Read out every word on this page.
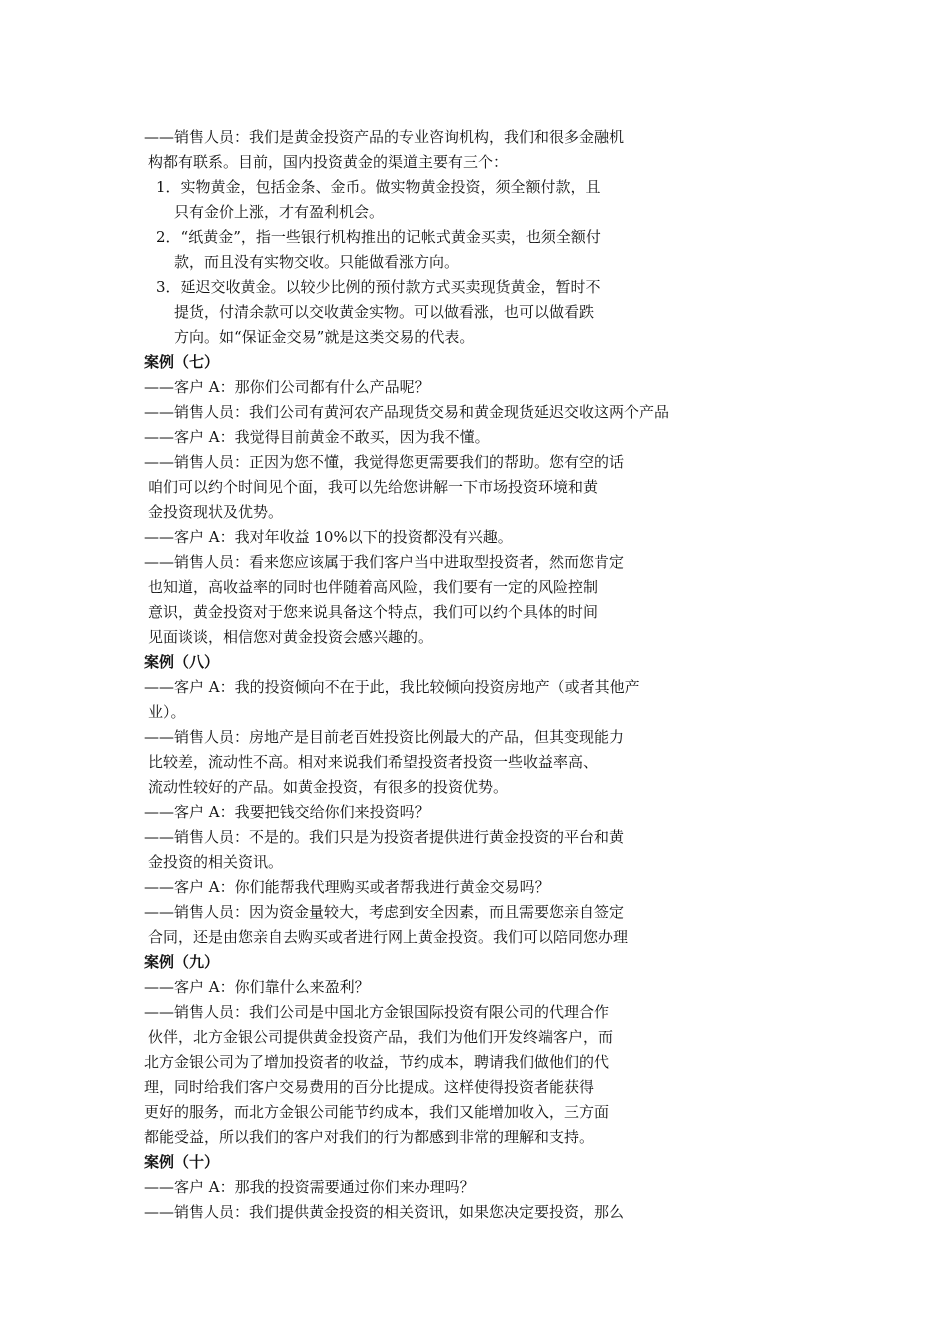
——销售人员：我们是黄金投资产品的专业咨询机构，我们和很多金融机
构都有联系。目前，国内投资黄金的渠道主要有三个：
1．实物黄金，包括金条、金币。做实物黄金投资，须全额付款，且
只有金价上涨，才有盈利机会。
2．“纸黄金”，指一些银行机构推出的记帐式黄金买卖，也须全额付
款，而且没有实物交收。只能做看涨方向。
3．延迟交收黄金。以较少比例的预付款方式买卖现货黄金，暂时不
提货，付清余款可以交收黄金实物。可以做看涨，也可以做看跌
方向。如“保证金交易”就是这类交易的代表。
案例（七）
——客户 A：那你们公司都有什么产品呢？
——销售人员：我们公司有黄河农产品现货交易和黄金现货延迟交收这两个产品
——客户 A：我觉得目前黄金不敢买，因为我不懂。
——销售人员：正因为您不懂，我觉得您更需要我们的帮助。您有空的话
咱们可以约个时间见个面，我可以先给您讲解一下市场投资环境和黄
金投资现状及优势。
——客户 A：我对年收益 10%以下的投资都没有兴趣。
——销售人员：看来您应该属于我们客户当中进取型投资者，然而您肯定
也知道，高收益率的同时也伴随着高风险，我们要有一定的风险控制
意识，黄金投资对于您来说具备这个特点，我们可以约个具体的时间
见面谈谈，相信您对黄金投资会感兴趣的。
案例（八）
——客户 A：我的投资倾向不在于此，我比较倾向投资房地产（或者其他产
业）。
——销售人员：房地产是目前老百姓投资比例最大的产品，但其变现能力
比较差，流动性不高。相对来说我们希望投资者投资一些收益率高、
流动性较好的产品。如黄金投资，有很多的投资优势。
——客户 A：我要把钱交给你们来投资吗？
——销售人员：不是的。我们只是为投资者提供进行黄金投资的平台和黄
金投资的相关资讯。
——客户 A：你们能帮我代理购买或者帮我进行黄金交易吗？
——销售人员：因为资金量较大，考虑到安全因素，而且需要您亲自签定
合同，还是由您亲自去购买或者进行网上黄金投资。我们可以陪同您办理
案例（九）
——客户 A：你们靠什么来盈利？
——销售人员：我们公司是中国北方金银国际投资有限公司的代理合作
伙伴，北方金银公司提供黄金投资产品，我们为他们开发终端客户，而
北方金银公司为了增加投资者的收益，节约成本，聘请我们做他们的代
理，同时给我们客户交易费用的百分比提成。这样使得投资者能获得
更好的服务，而北方金银公司能节约成本，我们又能增加收入，三方面
都能受益，所以我们的客户对我们的行为都感到非常的理解和支持。
案例（十）
——客户 A：那我的投资需要通过你们来办理吗？
——销售人员：我们提供黄金投资的相关资讯，如果您决定要投资，那么
